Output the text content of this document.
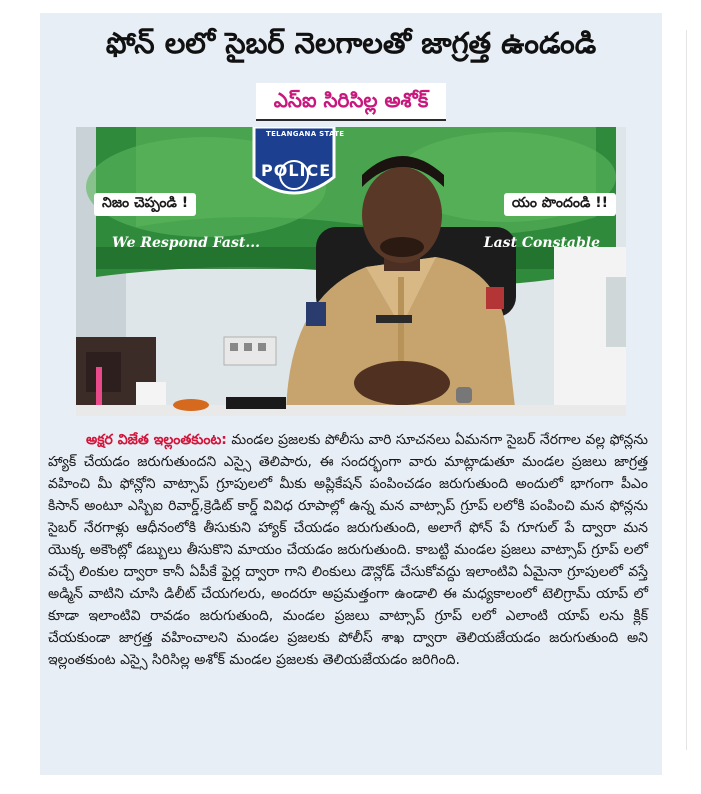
ఫోన్ లలో సైబర్ నెలగాలతో జాగ్రత్త ఉండండి
ఎస్ఐ సిరిసిల్ల అశోక్
TELANGANA STATE
POLICE
నిజం చెప్పండి !	యం పొందండి !!
We Respond Fast...	Last Constable

అక్షర విజేత ఇల్లంతకుంట: మండల ప్రజలకు పోలీసు వారి సూచనలు ఏమనగా సైబర్ నేరగాల వల్ల ఫోన్లను హ్యాక్ చేయడం జరుగుతుందని ఎస్సై తెలిపారు, ఈ సందర్భంగా వారు మాట్లాడుతూ మండల ప్రజలు జాగ్రత్త వహించి మీ ఫోన్లోని వాట్సాప్ గ్రూపులలో మీకు అప్లికేషన్ పంపించడం జరుగుతుంది అందులో భాగంగా పీఎం కిసాన్ అంటూ ఎస్బిఐ రివార్డ్,క్రెడిట్ కార్డ్ వివిధ రూపాల్లో ఉన్న మన వాట్సాప్ గ్రూప్ లలోకి పంపించి మన ఫోన్లను సైబర్ నేరగాళ్లు ఆధీనంలోకి తీసుకుని హ్యాక్ చేయడం జరుగుతుంది, అలాగే ఫోన్ పే గూగుల్ పే ద్వారా మన యొక్క అకౌంట్లో డబ్బులు తీసుకొని మాయం చేయడం జరుగుతుంది. కాబట్టి మండల ప్రజలు వాట్సాప్ గ్రూప్ లలో వచ్చే లింకుల ద్వారా కానీ ఏపీకే ఫైర్ల ద్వారా గాని లింకులు డౌన్లోడ్ చేసుకోవద్దు ఇలాంటివి ఏమైనా గ్రూపులలో వస్తే అడ్మిన్ వాటిని చూసి డిలీట్ చేయగలరు, అందరూ అప్రమత్తంగా ఉండాలి ఈ మధ్యకాలంలో టెలిగ్రామ్ యాప్ లో కూడా ఇలాంటివి రావడం జరుగుతుంది, మండల ప్రజలు వాట్సాప్ గ్రూప్ లలో ఎలాంటి యాప్ లను క్లిక్ చేయకుండా జాగ్రత్త వహించాలని మండల ప్రజలకు పోలీస్ శాఖ ద్వారా తెలియజేయడం జరుగుతుంది అని ఇల్లంతకుంట ఎస్సై సిరిసిల్ల అశోక్ మండల ప్రజలకు తెలియజేయడం జరిగింది.
